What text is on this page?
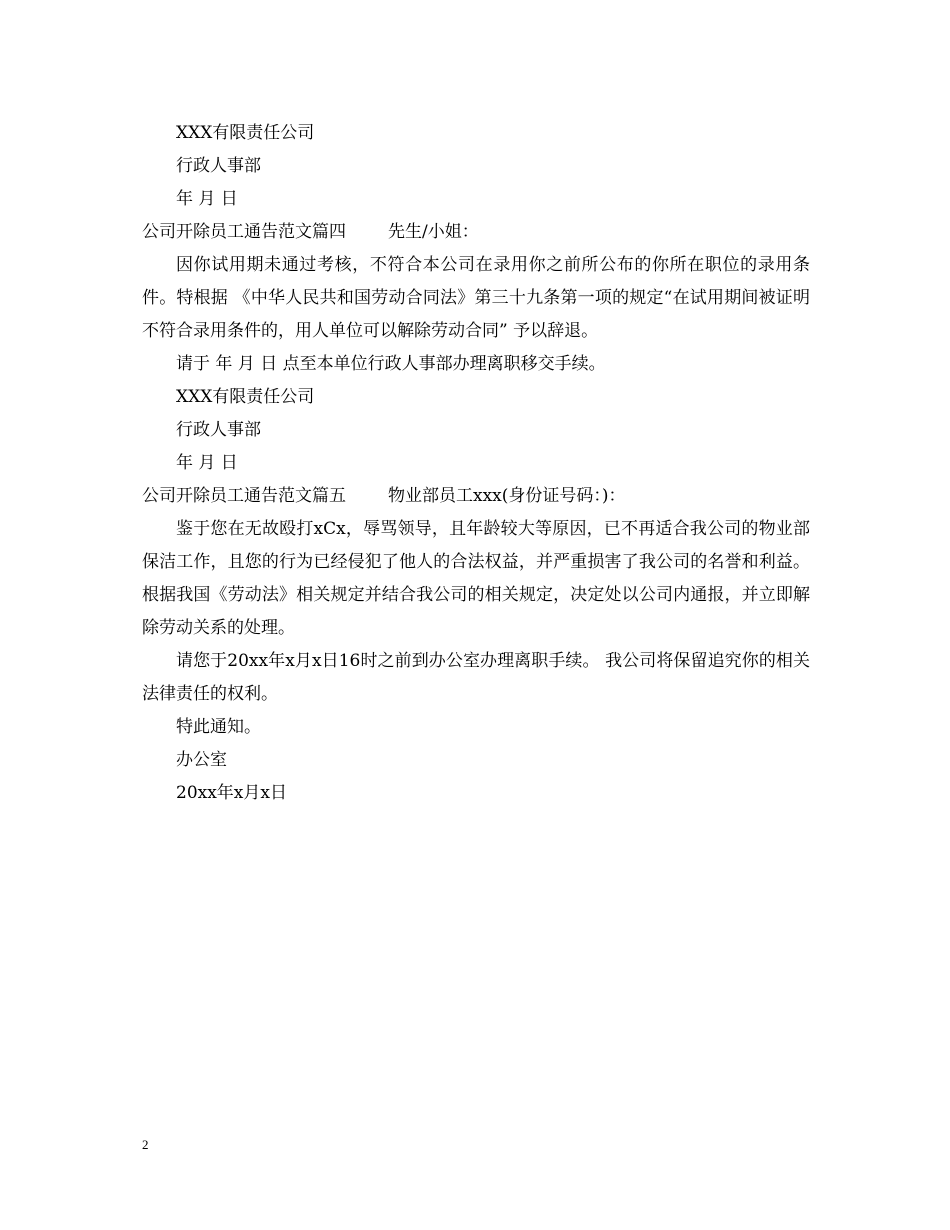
XXX有限责任公司

行政人事部

年 月 日

公司开除员工通告范文篇四 先生/小姐：

因你试用期未通过考核，不符合本公司在录用你之前所公布的你所在职位的录用条件。特根据 《中华人民共和国劳动合同法》第三十九条第一项的规定“在试用期间被证明不符合录用条件的，用人单位可以解除劳动合同” 予以辞退。

请于 年 月 日 点至本单位行政人事部办理离职移交手续。

XXX有限责任公司

行政人事部

年 月 日

公司开除员工通告范文篇五 物业部员工xxx(身份证号码：)：

鉴于您在无故殴打xCx，辱骂领导，且年龄较大等原因，已不再适合我公司的物业部保洁工作，且您的行为已经侵犯了他人的合法权益，并严重损害了我公司的名誉和利益。根据我国《劳动法》相关规定并结合我公司的相关规定，决定处以公司内通报，并立即解除劳动关系的处理。

请您于20xx年x月x日16时之前到办公室办理离职手续。 我公司将保留追究你的相关法律责任的权利。

特此通知。

办公室

20xx年x月x日

2
